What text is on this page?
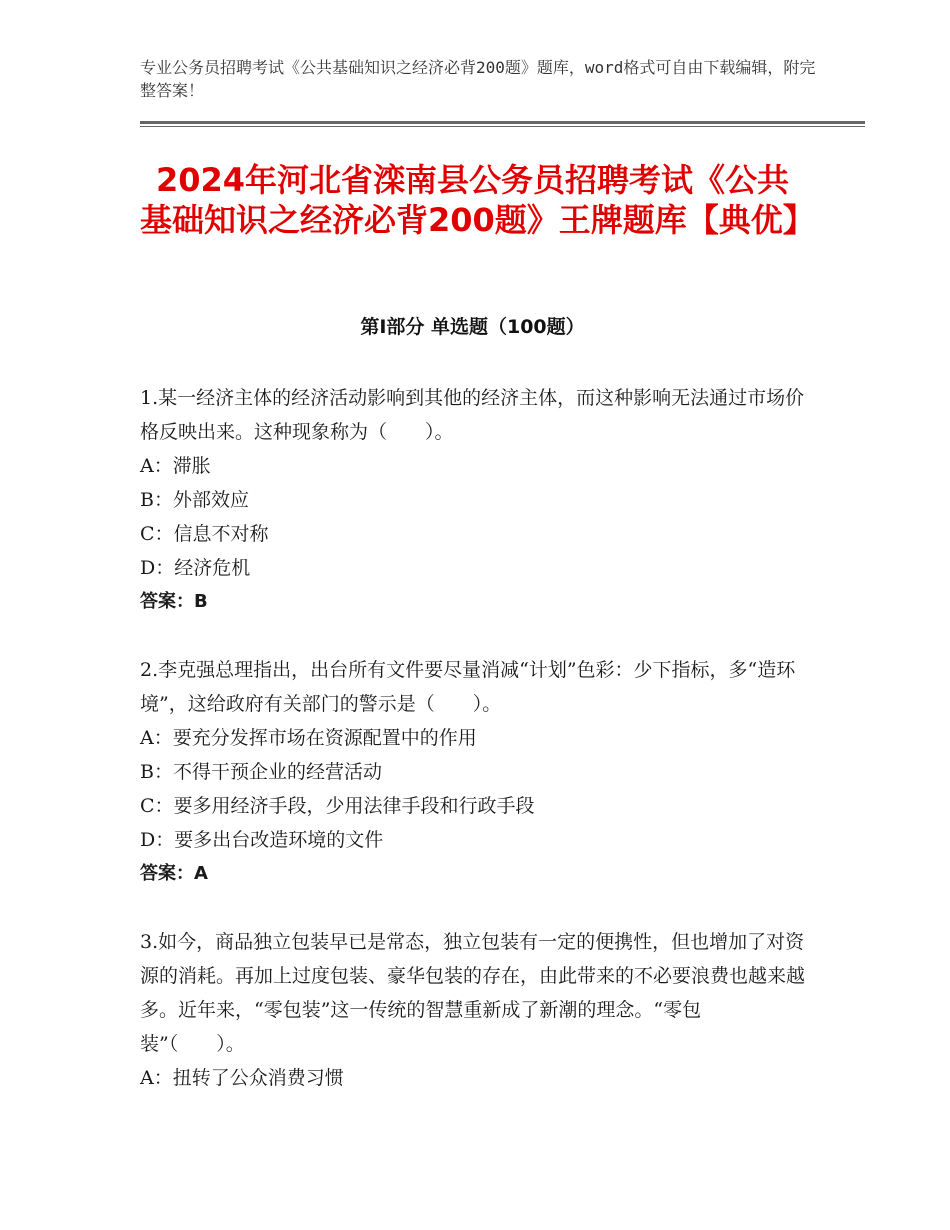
专业公务员招聘考试《公共基础知识之经济必背200题》题库，word格式可自由下载编辑，附完整答案！
2024年河北省滦南县公务员招聘考试《公共基础知识之经济必背200题》王牌题库【典优】
第Ⅰ部分 单选题（100题）

1.某一经济主体的经济活动影响到其他的经济主体，而这种影响无法通过市场价格反映出来。这种现象称为（　　）。

A：滞胀

B：外部效应

C：信息不对称

D：经济危机

答案：B

2.李克强总理指出，出台所有文件要尽量消减“计划”色彩：少下指标，多“造环境”，这给政府有关部门的警示是（　　）。

A：要充分发挥市场在资源配置中的作用

B：不得干预企业的经营活动

C：要多用经济手段，少用法律手段和行政手段

D：要多出台改造环境的文件

答案：A

3.如今，商品独立包装早已是常态，独立包装有一定的便携性，但也增加了对资源的消耗。再加上过度包装、豪华包装的存在，由此带来的不必要浪费也越来越多。近年来，“零包装”这一传统的智慧重新成了新潮的理念。“零包装”（　　）。

A：扭转了公众消费习惯
